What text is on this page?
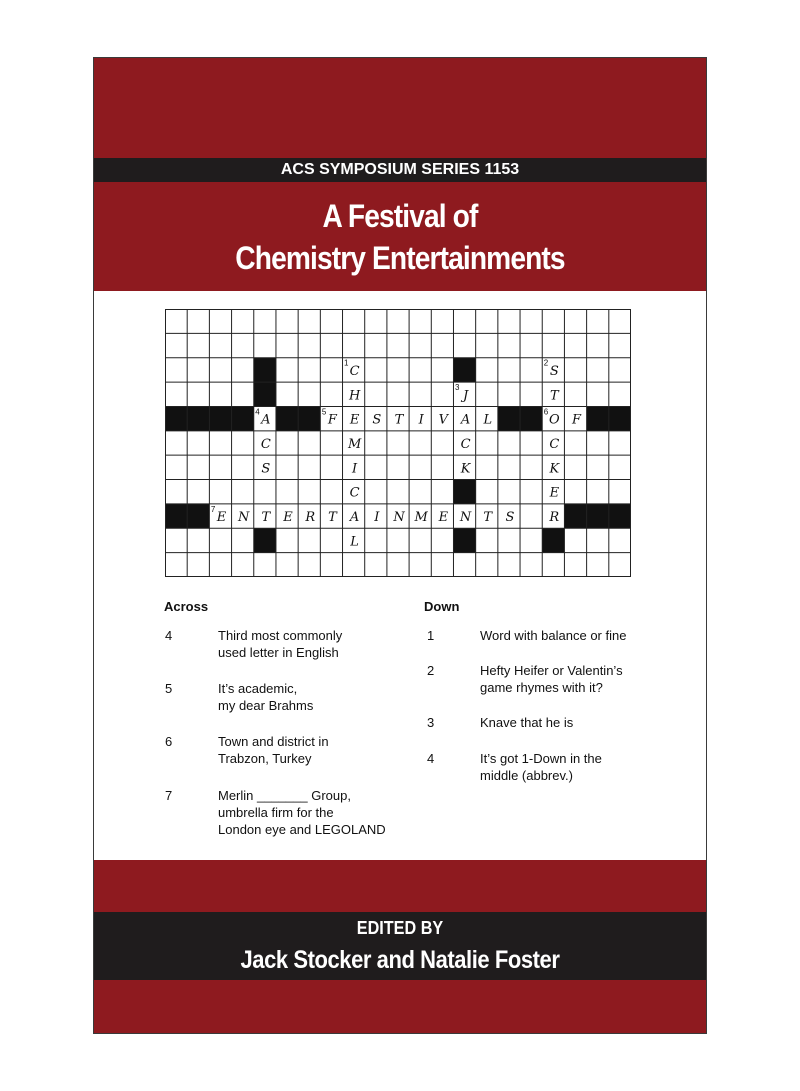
ACS SYMPOSIUM SERIES 1153
A Festival of
Chemistry Entertainments
F E S T I V A L
5
O F
6
E N T E R T A I N M E N T S
7
C
H
M
I
C
L
1
S
T
C
K
E
R
2
J
C
K
3
A
C
S
4
Across	Down
EDITED BY
Jack Stocker and Natalie Foster
4	Third most commonly
used letter in English
5	It’s academic,
my dear Brahms
6	Town and district in
Trabzon, Turkey
7	Merlin _______ Group,
umbrella firm for the
London eye and LEGOLAND
1	Word with balance or fine
2	Hefty Heifer or Valentin’s
game rhymes with it?
3	Knave that he is
4	It’s got 1-Down in the
middle (abbrev.)
